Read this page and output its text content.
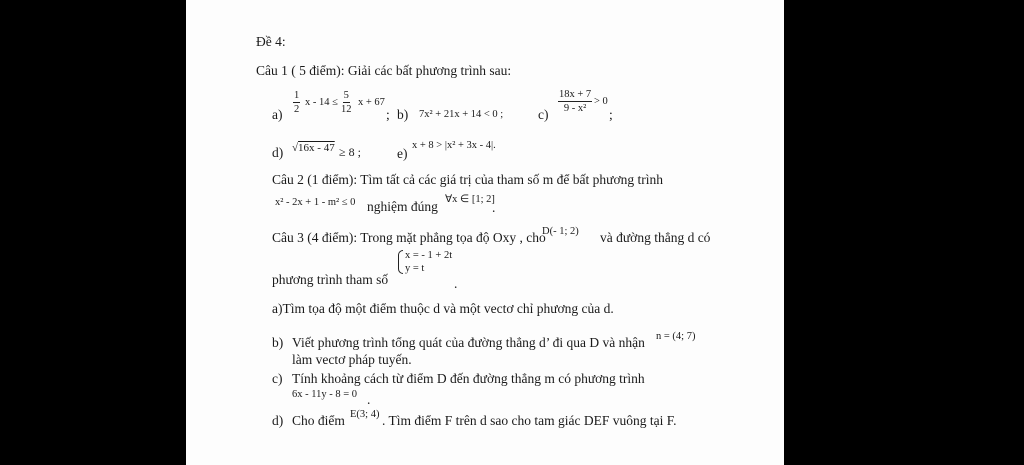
Đề 4:
Câu 1 ( 5 điểm): Giải các bất phương trình sau:
$a) \frac{1}{2}$ $x - 14 \le \frac{5}{12}$ x + 67
; b) 7x² + 21x + 14 < 0 ;	c)
$\frac{18x + 7}{\text{9 - x²}} > 0$
;
d) √16x - 47 ≥ 8 ;	e)
x + 8 > |x² + 3x - 4|.
Câu 2 (1 điểm): Tìm tất cả các giá trị của tham số m để bất phương trình
x² - 2x + 1 - m² ≤ 0 nghiệm đúng ∀x ∈ [1; 2]
.
Câu 3 (4 điểm): Trong mặt phẳng tọa độ Oxy , cho
D(- 1; 2) và đường thẳng d có
phương trình tham số
x = - 1 + 2t
y = t
.
a)Tìm tọa độ một điểm thuộc d và một vectơ chỉ phương của d.
b) Viết phương trình tổng quát của đường thẳng d’ đi qua D và nhận n = (4; 7)
làm vectơ pháp tuyến.
c) Tính khoảng cách từ điểm D đến đường thẳng m có phương trình
6x - 11y - 8 = 0 .
d) Cho điểm E(3; 4) . Tìm điểm F trên d sao cho tam giác DEF vuông tại F.
